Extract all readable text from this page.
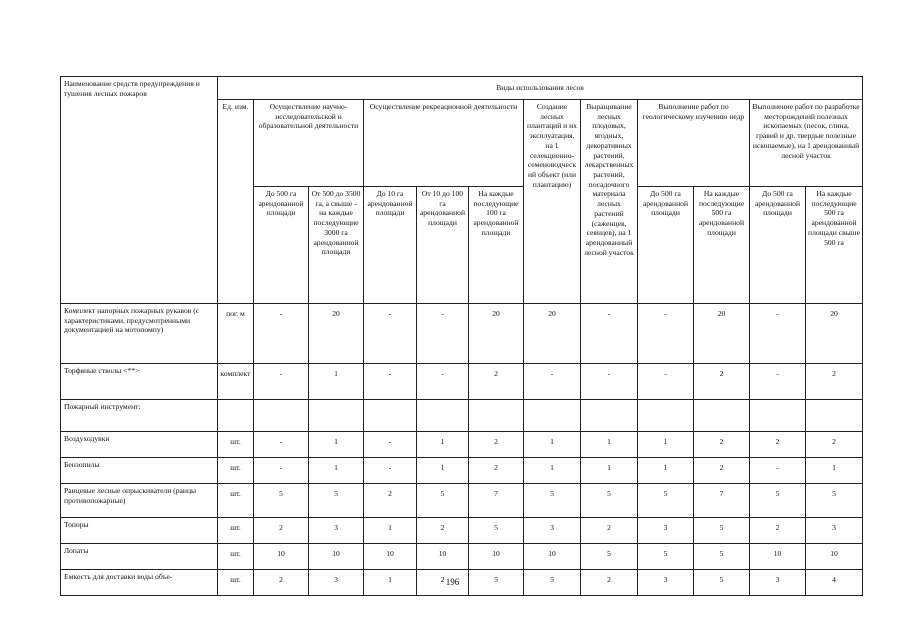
Наименование средств предупреждения и тушения лесных пожаров	Виды использования лесов											
	Ед. изм.	Осуществление научно-исследовательской и образовательной деятельности		Осуществление рекреационной деятельности			Создание лесных плантаций и их эксплуатация, на 1 селекционно-семеноводческий объект (или плантацию)	Выращивание лесных плодовых, ягодных, декоративных растений, лекарственных растений, посадочного материала лесных растений (саженцев, сеянцев), на 1 арендованный лесной участок	Выполнение работ по геологическому изучению недр		Выполнение работ по разработке месторождений полезных ископаемых (песок, глина, гравий и др. твердые полезные ископаемые), на 1 арендованный лесной участок	
		До 500 га арендованной площади	От 500 до 3500 га, а свыше - на каждые последующие 3000 га арендованной площади	До 10 га арендованной площади	От 10 до 100 га арендованной площади	На каждые последующие 100 га арендованной площади			До 500 га арендованной площади	На каждые последующие 500 га арендованной площади	До 500 га арендованной площади	На каждые последующие 500 га арендованной площади свыше 500 га
Комплект напорных пожарных рукавов (с характеристиками, предусмотренными документацией на мотопомпу)	пог. м	-	20	-	-	20	20	-	-	20	-	20
Торфяные стволы <**>	комплект	-	1	-	-	2	-	-	-	2	-	2
Пожарный инструмент:												
Воздуходувки	шт.	-	1	-	1	2	1	1	1	2	2	2
Бензопилы	шт.	-	1	-	1	2	1	1	1	2	-	1
Ранцевые лесные опрыскиватели (ранцы противопожарные)	шт.	5	5	2	5	7	5	5	5	7	5	5
Топоры	шт.	2	3	1	2	5	3	2	3	5	2	3
Лопаты	шт.	10	10	10	10	10	10	5	5	5	10	10
Емкость для доставки воды объе-	шт.	2	3	1	2	5	5	2	3	5	3	4
196
